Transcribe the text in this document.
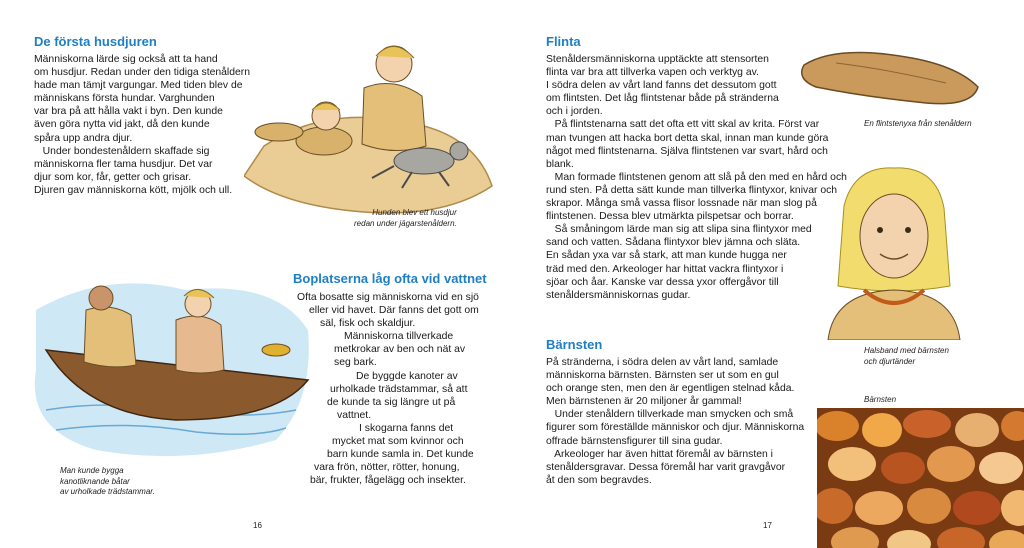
De första husdjuren
Människorna lärde sig också att ta hand
om husdjur. Redan under den tidiga stenåldern
hade man tämjt vargungar. Med tiden blev de
människans första hundar. Varghunden
var bra på att hålla vakt i byn. Den kunde
även göra nytta vid jakt, då den kunde
spåra upp andra djur.
Under bondestenåldern skaffade sig
människorna fler tama husdjur. Det var
djur som kor, får, getter och grisar.
Djuren gav människorna kött, mjölk och ull.
Hunden blev ett husdjur
redan under jägarstenåldern.
Boplatserna låg ofta vid vattnet
Ofta bosatte sig människorna vid en sjö
eller vid havet. Där fanns det gott om
säl, fisk och skaldjur.
Människorna tillverkade
metkrokar av ben och nät av
seg bark.
De byggde kanoter av
urholkade trädstammar, så att
de kunde ta sig längre ut på
vattnet.
I skogarna fanns det
mycket mat som kvinnor och
barn kunde samla in. Det kunde
vara frön, nötter, rötter, honung,
bär, frukter, fågelägg och insekter.
Man kunde bygga
kanotliknande båtar
av urholkade trädstammar.
16
Flinta
Stenåldersmänniskorna upptäckte att stensorten
flinta var bra att tillverka vapen och verktyg av.
I södra delen av vårt land fanns det dessutom gott
om flintsten. Det låg flintstenar både på stränderna
och i jorden.
På flintstenarna satt det ofta ett vitt skal av krita. Först var
man tvungen att hacka bort detta skal, innan man kunde göra
något med flintstenarna. Själva flintstenen var svart, hård och
blank.
Man formade flintstenen genom att slå på den med en hård och
rund sten. På detta sätt kunde man tillverka flintyxor, knivar och
skrapor. Många små vassa flisor lossnade när man slog på
flintstenen. Dessa blev utmärkta pilspetsar och borrar.
Så småningom lärde man sig att slipa sina flintyxor med
sand och vatten. Sådana flintyxor blev jämna och släta.
En sådan yxa var så stark, att man kunde hugga ner
träd med den. Arkeologer har hittat vackra flintyxor i
sjöar och åar. Kanske var dessa yxor offergåvor till
stenåldersmänniskornas gudar.
En flintstenyxa från stenåldern
Halsband med bärnsten
och djurtänder
Bärnsten
På stränderna, i södra delen av vårt land, samlade
människorna bärnsten. Bärnsten ser ut som en gul
och orange sten, men den är egentligen stelnad kåda.
Men bärnstenen är 20 miljoner år gammal!
Under stenåldern tillverkade man smycken och små
figurer som föreställde människor och djur. Människorna
offrade bärnstensfigurer till sina gudar.
Arkeologer har även hittat föremål av bärnsten i
stenåldersgravar. Dessa föremål har varit gravgåvor
åt den som begravdes.
Bärnsten
17
